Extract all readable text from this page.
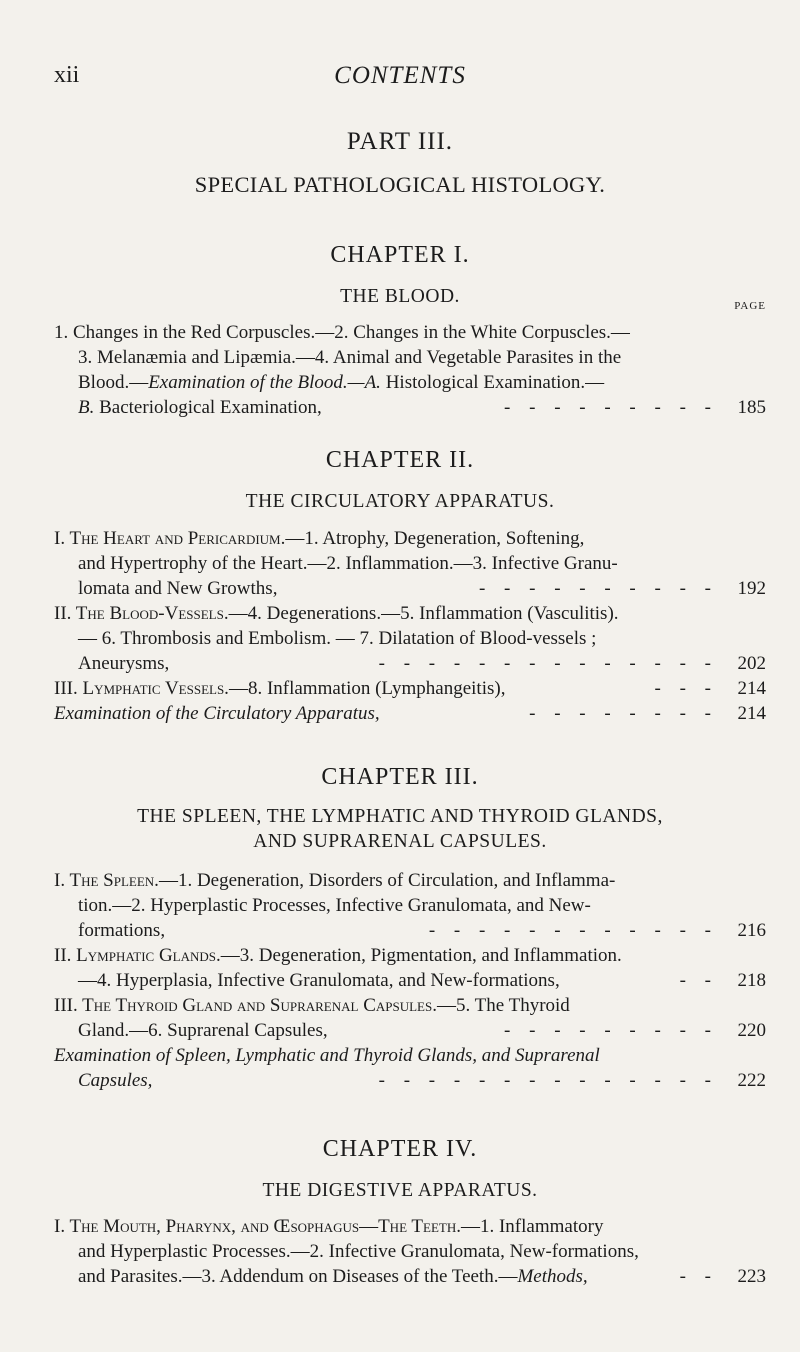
xii	CONTENTS
PART III.
SPECIAL PATHOLOGICAL HISTOLOGY.
CHAPTER I.
THE BLOOD.	PAGE
1. Changes in the Red Corpuscles.—2. Changes in the White Corpuscles.—
3. Melanæmia and Lipæmia.—4. Animal and Vegetable Parasites in the
Blood.—Examination of the Blood.—A. Histological Examination.—
B. Bacteriological Examination,	- - - - - - - - - 185
CHAPTER II.
THE CIRCULATORY APPARATUS.
I. The Heart and Pericardium.—1. Atrophy, Degeneration, Softening,
and Hypertrophy of the Heart.—2. Inflammation.—3. Infective Granu-
lomata and New Growths,	- - - - - - - - - - 192
II. The Blood-Vessels.—4. Degenerations.—5. Inflammation (Vasculitis).
— 6. Thrombosis and Embolism. — 7. Dilatation of Blood-vessels ;
Aneurysms,	- - - - - - - - - - - - - - 202
III. Lymphatic Vessels.—8. Inflammation (Lymphangeitis),	- - - 214
Examination of the Circulatory Apparatus,	- - - - - - - - 214
CHAPTER III.
THE SPLEEN, THE LYMPHATIC AND THYROID GLANDS,
AND SUPRARENAL CAPSULES.
I. The Spleen.—1. Degeneration, Disorders of Circulation, and Inflamma-
tion.—2. Hyperplastic Processes, Infective Granulomata, and New-
formations,	- - - - - - - - - - - - 216
II. Lymphatic Glands.—3. Degeneration, Pigmentation, and Inflammation.
—4. Hyperplasia, Infective Granulomata, and New-formations,	- - 218
III. The Thyroid Gland and Suprarenal Capsules.—5. The Thyroid
Gland.—6. Suprarenal Capsules,	- - - - - - - - - 220
Examination of Spleen, Lymphatic and Thyroid Glands, and Suprarenal
Capsules,	- - - - - - - - - - - - - - 222
CHAPTER IV.
THE DIGESTIVE APPARATUS.
I. The Mouth, Pharynx, and Œsophagus—The Teeth.—1. Inflammatory
and Hyperplastic Processes.—2. Infective Granulomata, New-formations,
and Parasites.—3. Addendum on Diseases of the Teeth.—Methods,	- - 223
